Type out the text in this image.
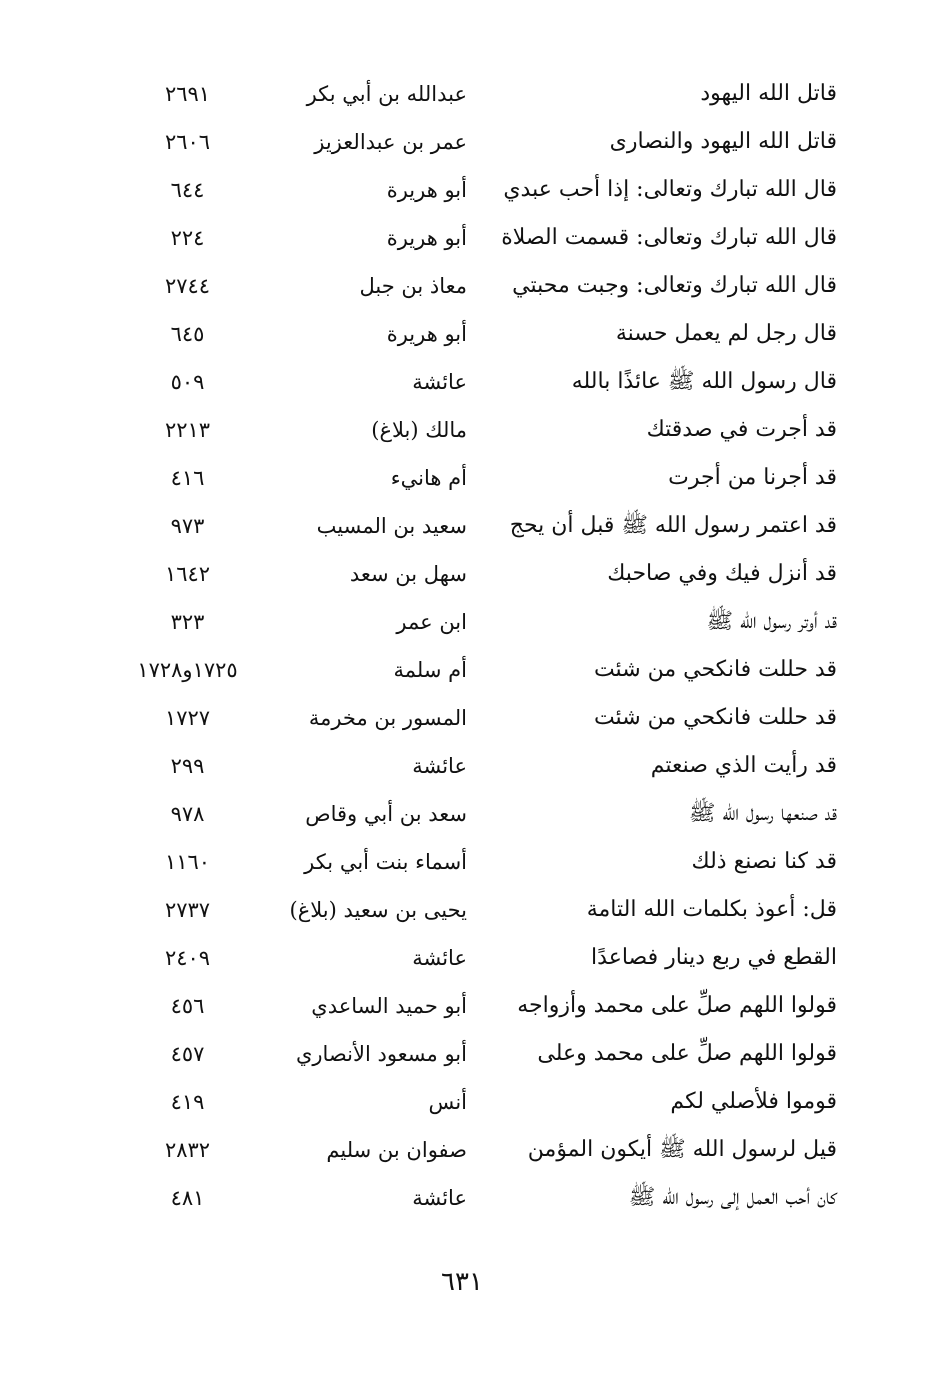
قاتل الله اليهود
عبدالله بن أبي بكر
٢٦٩١
قاتل الله اليهود والنصارى
عمر بن عبدالعزيز
٢٦٠٦
قال الله تبارك وتعالى: إذا أحب عبدي
أبو هريرة
٦٤٤
قال الله تبارك وتعالى: قسمت الصلاة
أبو هريرة
٢٢٤
قال الله تبارك وتعالى: وجبت محبتي
معاذ بن جبل
٢٧٤٤
قال رجل لم يعمل حسنة
أبو هريرة
٦٤٥
قال رسول الله ﷺ عائذًا بالله
عائشة
٥٠٩
قد أجرت في صدقتك
مالك (بلاغ)
٢٢١٣
قد أجرنا من أجرت
أم هانيء
٤١٦
قد اعتمر رسول الله ﷺ قبل أن يحج
سعيد بن المسيب
٩٧٣
قد أنزل فيك وفي صاحبك
سهل بن سعد
١٦٤٢
قد أوتر رسول الله ﷺ
ابن عمر
٣٢٣
قد حللت فانكحي من شئت
أم سلمة
١٧٢٥و١٧٢٨
قد حللت فانكحي من شئت
المسور بن مخرمة
١٧٢٧
قد رأيت الذي صنعتم
عائشة
٢٩٩
قد صنعها رسول الله ﷺ
سعد بن أبي وقاص
٩٧٨
قد كنا نصنع ذلك
أسماء بنت أبي بكر
١١٦٠
قل: أعوذ بكلمات الله التامة
يحيى بن سعيد (بلاغ)
٢٧٣٧
القطع في ربع دينار فصاعدًا
عائشة
٢٤٠٩
قولوا اللهم صلِّ على محمد وأزواجه
أبو حميد الساعدي
٤٥٦
قولوا اللهم صلِّ على محمد وعلى
أبو مسعود الأنصاري
٤٥٧
قوموا فلأصلي لكم
أنس
٤١٩
قيل لرسول الله ﷺ أيكون المؤمن
صفوان بن سليم
٢٨٣٢
كان أحب العمل إلى رسول الله ﷺ
عائشة
٤٨١
٦٣١
